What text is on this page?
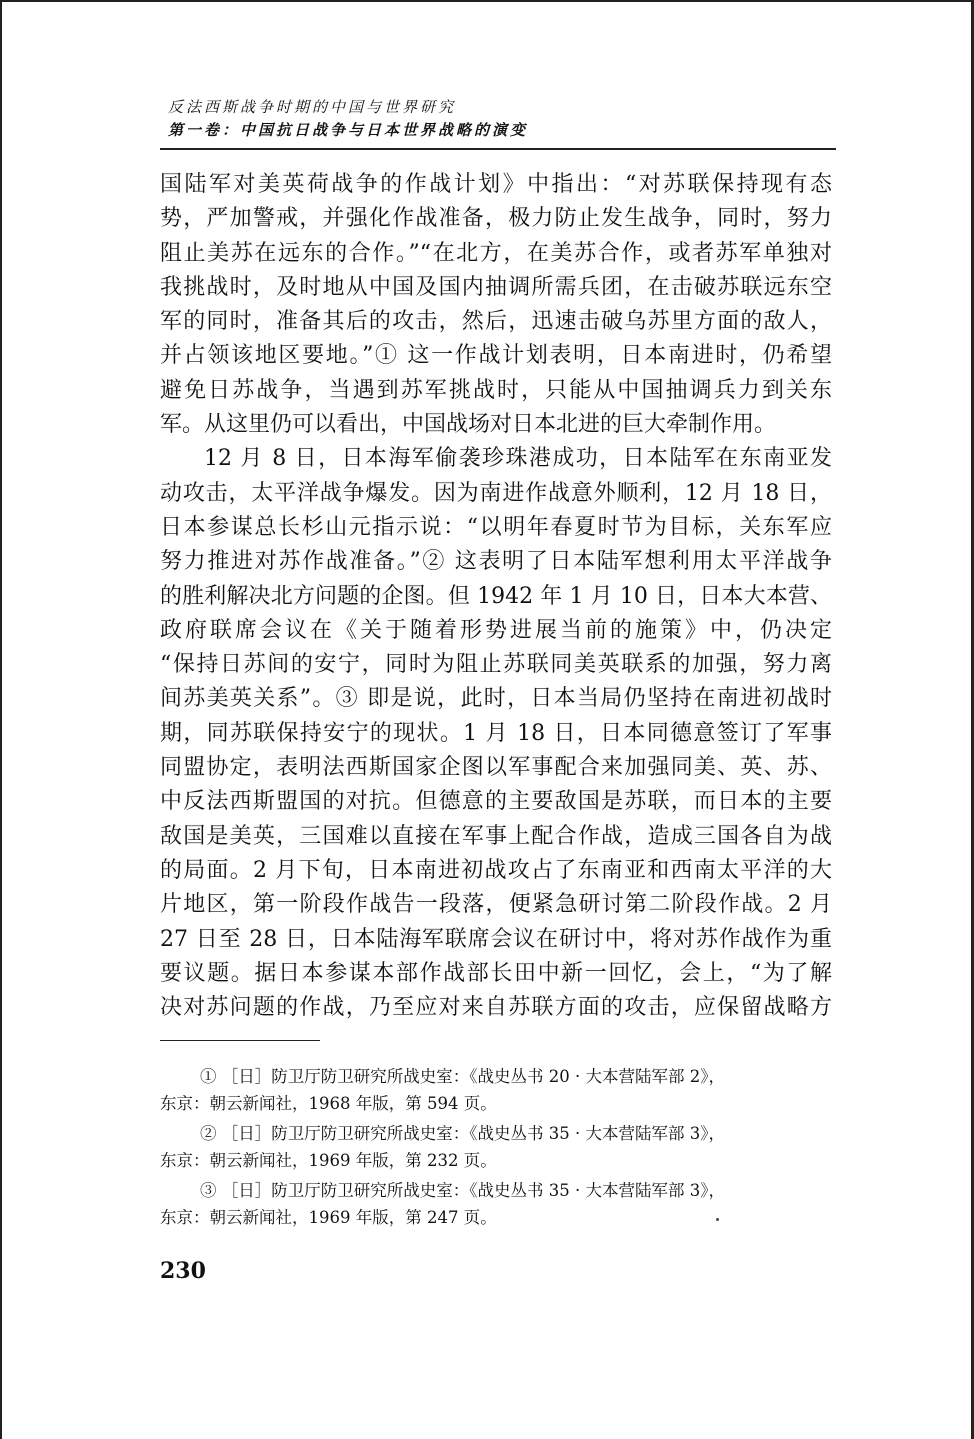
反法西斯战争时期的中国与世界研究
第一卷：中国抗日战争与日本世界战略的演变
国陆军对美英荷战争的作战计划》中指出：“对苏联保持现有态
势，严加警戒，并强化作战准备，极力防止发生战争，同时，努力
阻止美苏在远东的合作。”“在北方，在美苏合作，或者苏军单独对
我挑战时，及时地从中国及国内抽调所需兵团，在击破苏联远东空
军的同时，准备其后的攻击，然后，迅速击破乌苏里方面的敌人，
并占领该地区要地。”① 这一作战计划表明，日本南进时，仍希望
避免日苏战争，当遇到苏军挑战时，只能从中国抽调兵力到关东
军。从这里仍可以看出，中国战场对日本北进的巨大牵制作用。
12 月 8 日，日本海军偷袭珍珠港成功，日本陆军在东南亚发
动攻击，太平洋战争爆发。因为南进作战意外顺利，12 月 18 日，
日本参谋总长杉山元指示说：“以明年春夏时节为目标，关东军应
努力推进对苏作战准备。”② 这表明了日本陆军想利用太平洋战争
的胜利解决北方问题的企图。但 1942 年 1 月 10 日，日本大本营、
政府联席会议在《关于随着形势进展当前的施策》中，仍决定
“保持日苏间的安宁，同时为阻止苏联同美英联系的加强，努力离
间苏美英关系”。③ 即是说，此时，日本当局仍坚持在南进初战时
期，同苏联保持安宁的现状。1 月 18 日，日本同德意签订了军事
同盟协定，表明法西斯国家企图以军事配合来加强同美、英、苏、
中反法西斯盟国的对抗。但德意的主要敌国是苏联，而日本的主要
敌国是美英，三国难以直接在军事上配合作战，造成三国各自为战
的局面。2 月下旬，日本南进初战攻占了东南亚和西南太平洋的大
片地区，第一阶段作战告一段落，便紧急研讨第二阶段作战。2 月
27 日至 28 日，日本陆海军联席会议在研讨中，将对苏作战作为重
要议题。据日本参谋本部作战部长田中新一回忆，会上，“为了解
决对苏问题的作战，乃至应对来自苏联方面的攻击，应保留战略方
① ［日］防卫厅防卫研究所战史室：《战史丛书 20 · 大本营陆军部 2》，
东京：朝云新闻社，1968 年版，第 594 页。
② ［日］防卫厅防卫研究所战史室：《战史丛书 35 · 大本营陆军部 3》，
东京：朝云新闻社，1969 年版，第 232 页。
③ ［日］防卫厅防卫研究所战史室：《战史丛书 35 · 大本营陆军部 3》，
东京：朝云新闻社，1969 年版，第 247 页。
230
